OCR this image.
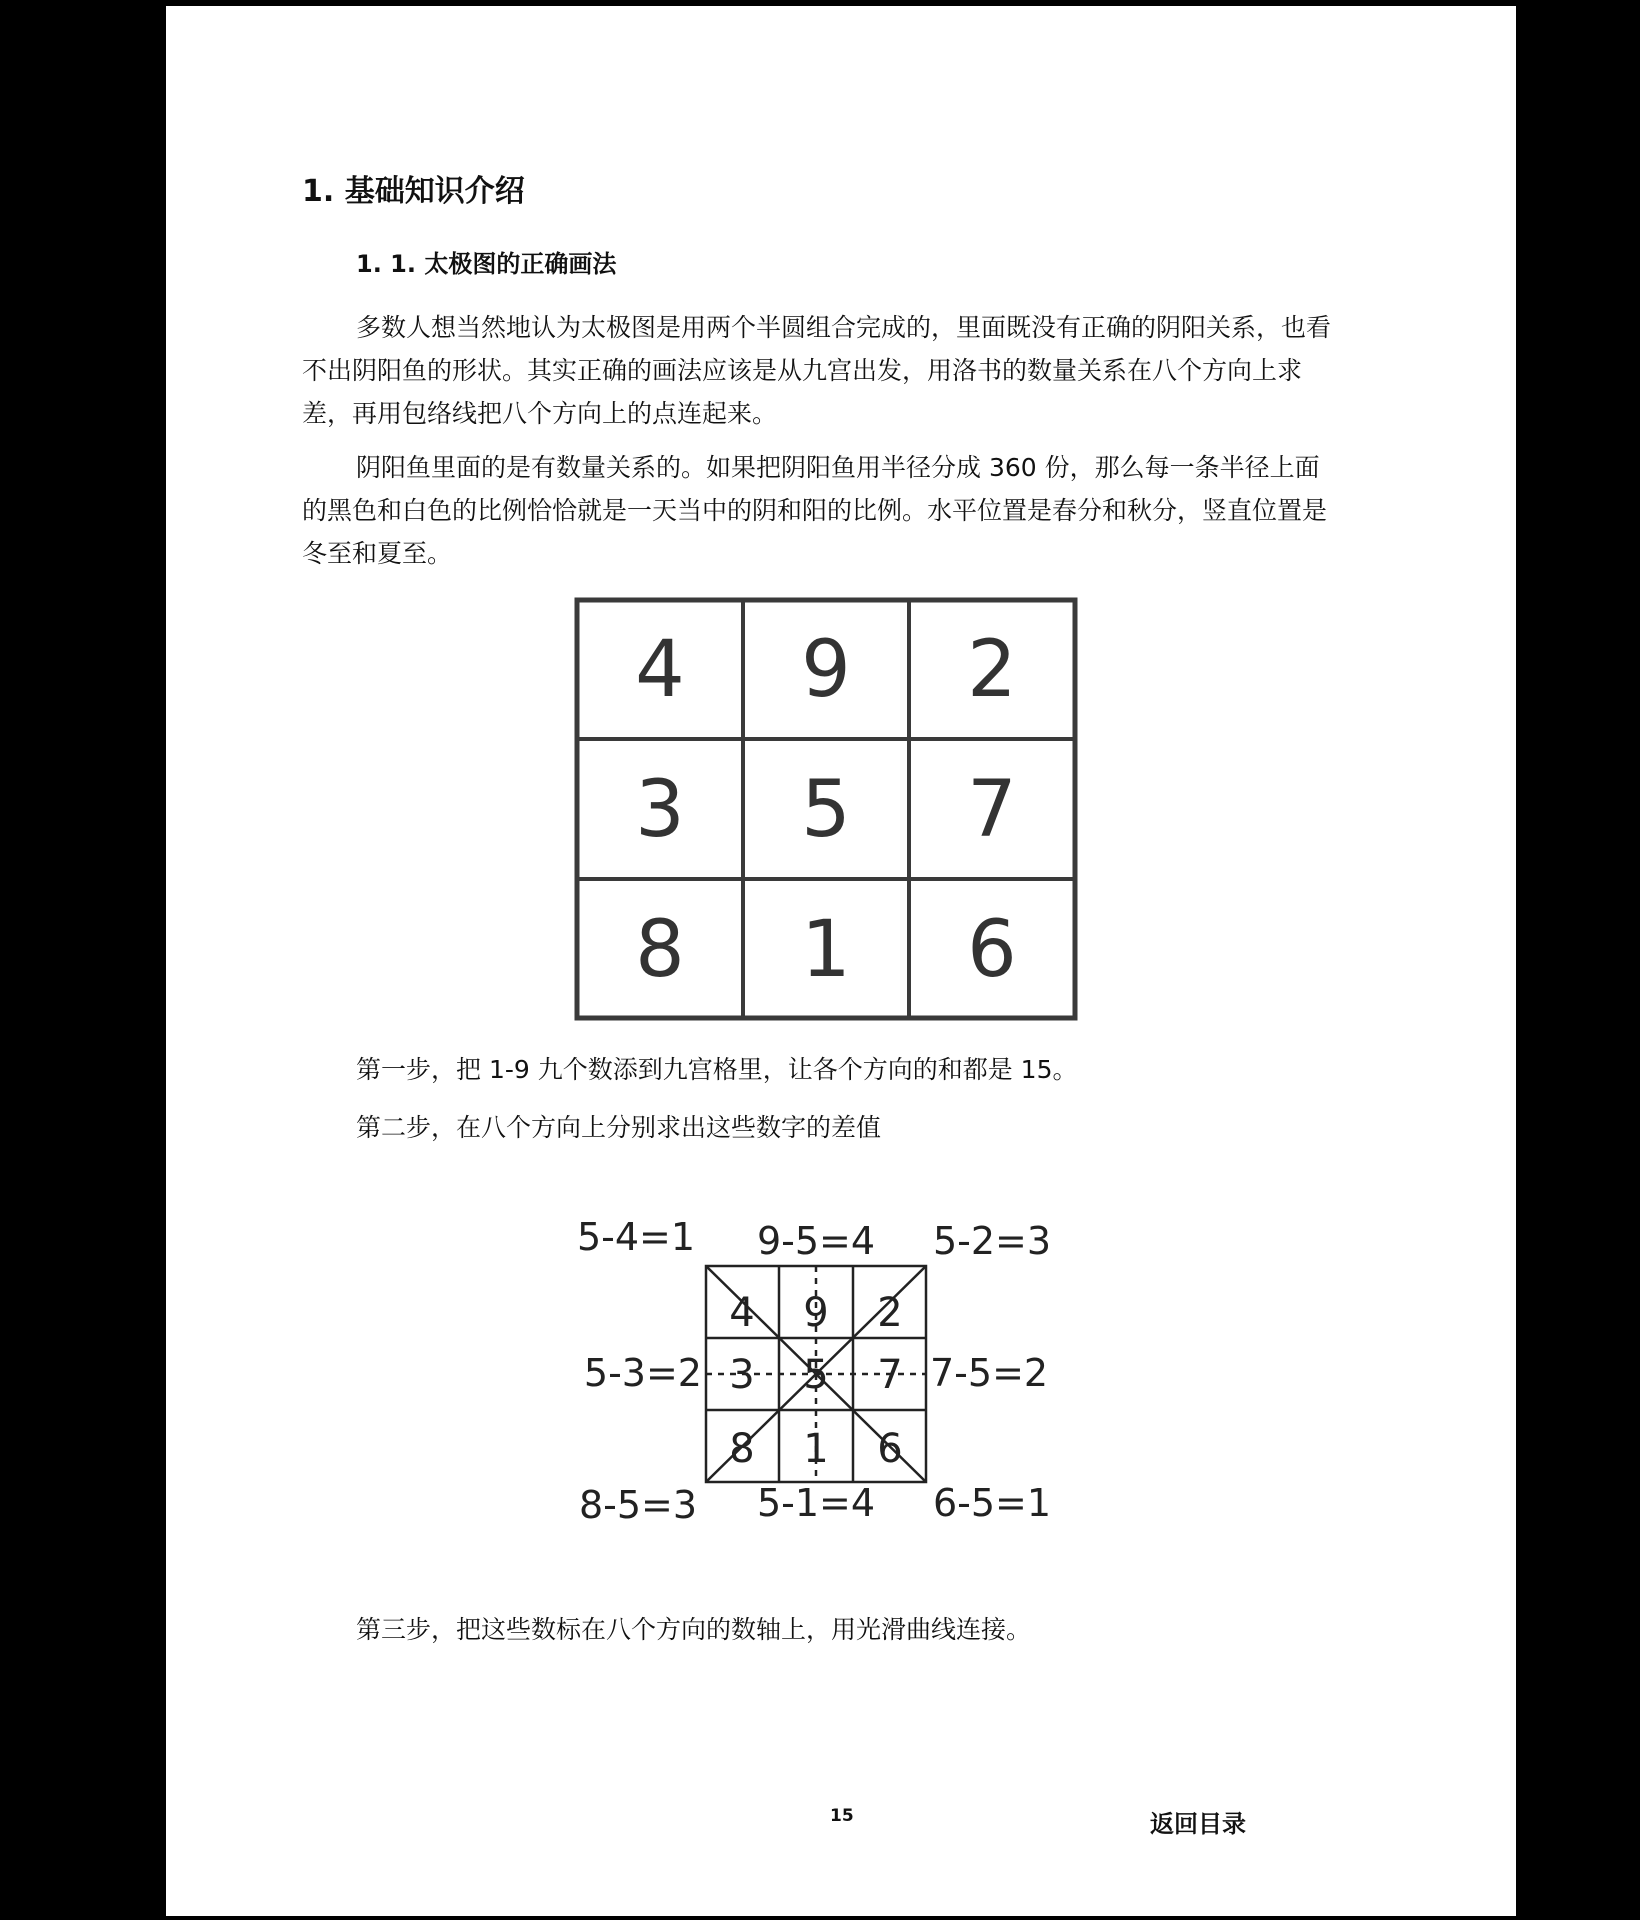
1. 基础知识介绍
1. 1. 太极图的正确画法

多数人想当然地认为太极图是用两个半圆组合完成的，里面既没有正确的阴阳关系，也看不出阴阳鱼的形状。其实正确的画法应该是从九宫出发，用洛书的数量关系在八个方向上求差，再用包络线把八个方向上的点连起来。

阴阳鱼里面的是有数量关系的。如果把阴阳鱼用半径分成 360 份，那么每一条半径上面的黑色和白色的比例恰恰就是一天当中的阴和阳的比例。水平位置是春分和秋分，竖直位置是冬至和夏至。

4 9 2
3 5 7
8 1 6
第一步，把 1-9 九个数添到九宫格里，让各个方向的和都是 15。
第二步，在八个方向上分别求出这些数字的差值
4 9 2
3 5 7
8 1 6
5-4=1 9-5=4 5-2=3
5-3=2	7-5=2
8-5=3 5-1=4 6-5=1
第三步，把这些数标在八个方向的数轴上，用光滑曲线连接。
15	返回目录
